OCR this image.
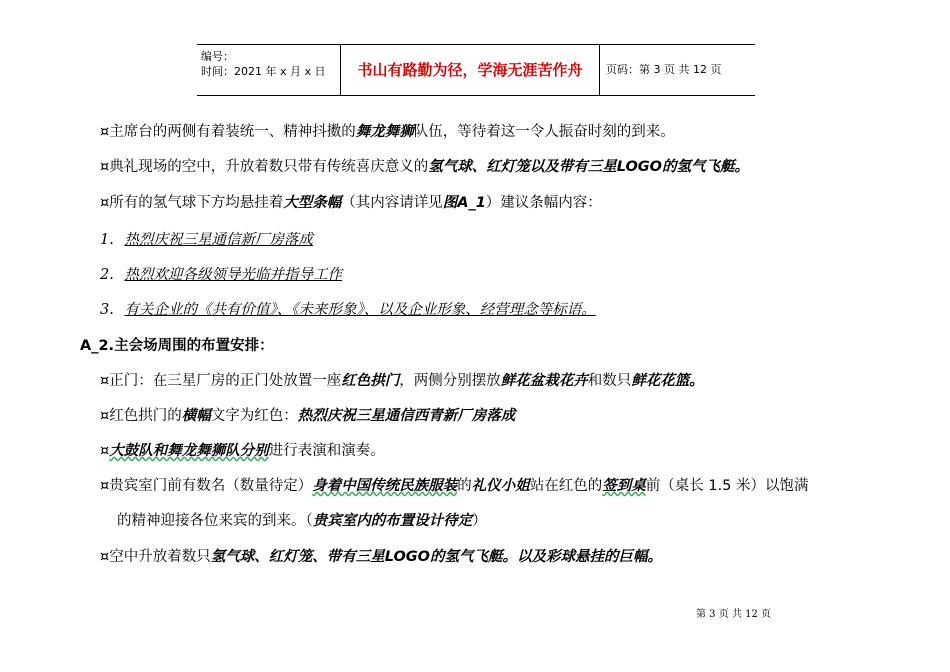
编号：
时间：2021 年 x 月 x 日	书山有路勤为径，学海无涯苦作舟	页码：第 3 页 共 12 页
¤主席台的两侧有着装统一、精神抖擞的舞龙舞狮队伍，等待着这一令人振奋时刻的到来。
¤典礼现场的空中，升放着数只带有传统喜庆意义的氢气球、红灯笼以及带有三星LOGO的氢气飞艇。
¤所有的氢气球下方均悬挂着大型条幅（其内容请详见图A_1）建议条幅内容：
1. 热烈庆祝三星通信新厂房落成
2. 热烈欢迎各级领导光临并指导工作
3. 有关企业的《共有价值》、《未来形象》、以及企业形象、经营理念等标语。
A_2.主会场周围的布置安排：
¤正门：在三星厂房的正门处放置一座红色拱门，两侧分别摆放鲜花盆栽花卉和数只鲜花花篮。
¤红色拱门的横幅文字为红色：热烈庆祝三星通信西青新厂房落成
¤大鼓队和舞龙舞狮队分别进行表演和演奏。
¤贵宾室门前有数名（数量待定）身着中国传统民族服装的礼仪小姐站在红色的签到桌前（桌长 1.5 米）以饱满
的精神迎接各位来宾的到来。（贵宾室内的布置设计待定）
¤空中升放着数只氢气球、红灯笼、带有三星LOGO的氢气飞艇。以及彩球悬挂的巨幅。
第 3 页 共 12 页
